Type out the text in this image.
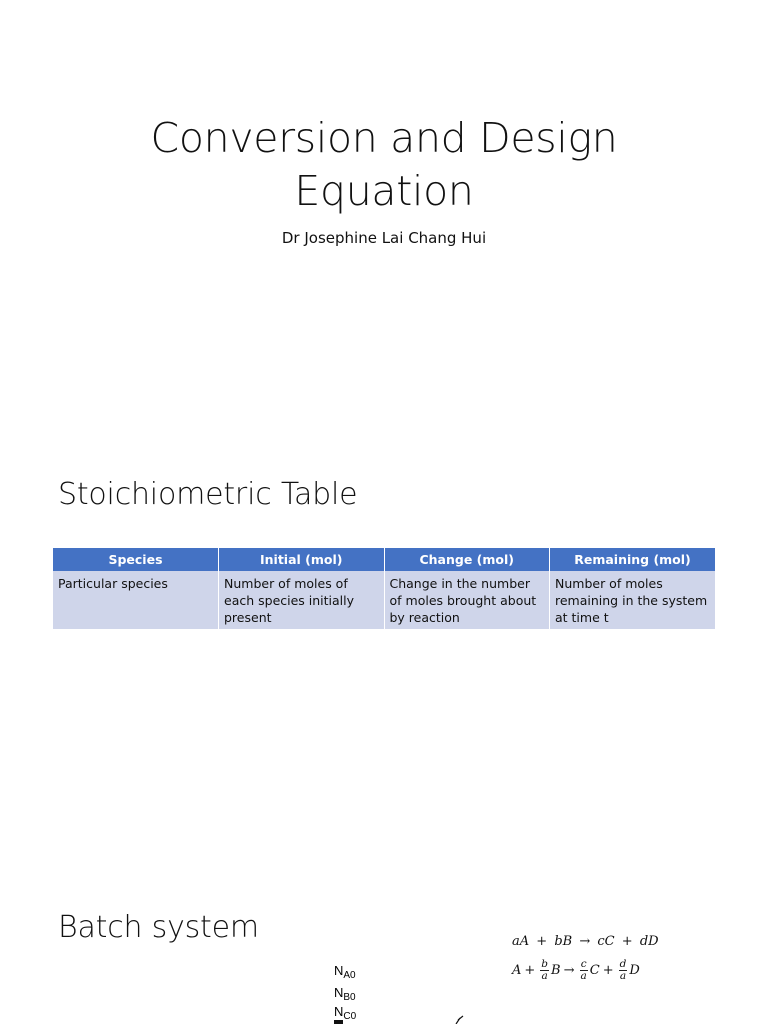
Conversion and Design
Equation
Dr Josephine Lai Chang Hui
Stoichiometric Table
Species	Initial (mol)	Change (mol)	Remaining (mol)
Particular species	Number of moles of each species initially present	Change in the number of moles brought about by reaction	Number of moles remaining in the system at time t
Batch system	aA + bB → cC + dD
$A + \frac{b}{a}$ $B \to \frac{c}{a}$ $C + \frac{d}{a}$ D
$N_{A0}$
$N_{B0}$
$N_{C0}$
